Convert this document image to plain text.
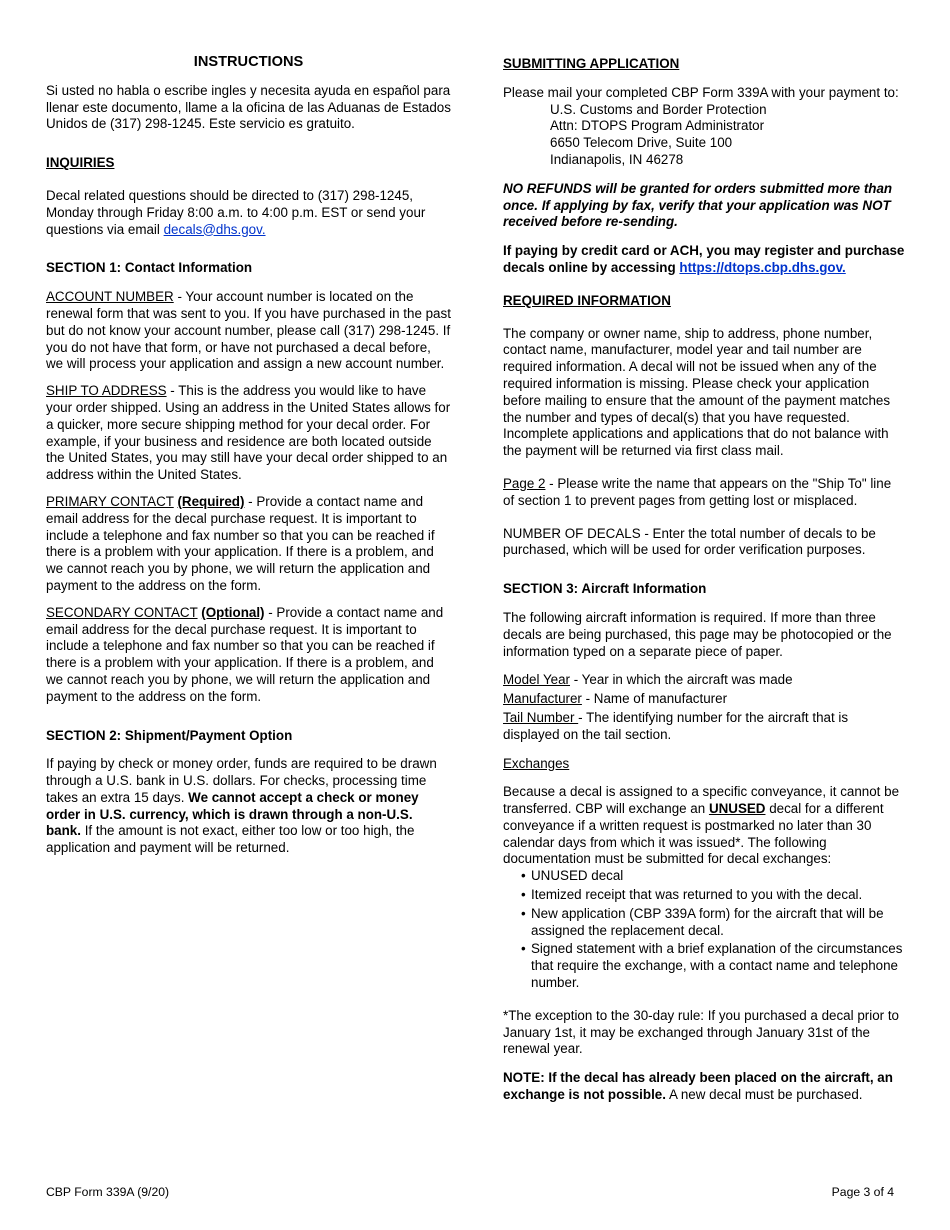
INSTRUCTIONS

Si usted no habla o escribe ingles y necesita ayuda en español para llenar este documento, llame a la oficina de las Aduanas de Estados Unidos de (317) 298-1245. Este servicio es gratuito.

INQUIRIES

Decal related questions should be directed to (317) 298-1245, Monday through Friday 8:00 a.m. to 4:00 p.m. EST or send your questions via email decals@dhs.gov.

SECTION 1: Contact Information

ACCOUNT NUMBER - Your account number is located on the renewal form that was sent to you. If you have purchased in the past but do not know your account number, please call (317) 298-1245. If you do not have that form, or have not purchased a decal before, we will process your application and assign a new account number.

SHIP TO ADDRESS - This is the address you would like to have your order shipped. Using an address in the United States allows for a quicker, more secure shipping method for your decal order. For example, if your business and residence are both located outside the United States, you may still have your decal order shipped to an address within the United States.

PRIMARY CONTACT (Required) - Provide a contact name and email address for the decal purchase request. It is important to include a telephone and fax number so that you can be reached if there is a problem with your application. If there is a problem, and we cannot reach you by phone, we will return the application and payment to the address on the form.

SECONDARY CONTACT (Optional) - Provide a contact name and email address for the decal purchase request. It is important to include a telephone and fax number so that you can be reached if there is a problem with your application. If there is a problem, and we cannot reach you by phone, we will return the application and payment to the address on the form.

SECTION 2: Shipment/Payment Option

If paying by check or money order, funds are required to be drawn through a U.S. bank in U.S. dollars. For checks, processing time takes an extra 15 days. We cannot accept a check or money order in U.S. currency, which is drawn through a non-U.S. bank. If the amount is not exact, either too low or too high, the application and payment will be returned.

SUBMITTING APPLICATION

Please mail your completed CBP Form 339A with your payment to:

U.S. Customs and Border Protection

Attn: DTOPS Program Administrator

6650 Telecom Drive, Suite 100

Indianapolis, IN 46278

NO REFUNDS will be granted for orders submitted more than once. If applying by fax, verify that your application was NOT received before re-sending.

If paying by credit card or ACH, you may register and purchase decals online by accessing https://dtops.cbp.dhs.gov.

REQUIRED INFORMATION

The company or owner name, ship to address, phone number, contact name, manufacturer, model year and tail number are required information. A decal will not be issued when any of the required information is missing. Please check your application before mailing to ensure that the amount of the payment matches the number and types of decal(s) that you have requested. Incomplete applications and applications that do not balance with the payment will be returned via first class mail.

Page 2 - Please write the name that appears on the "Ship To" line of section 1 to prevent pages from getting lost or misplaced.

NUMBER OF DECALS - Enter the total number of decals to be purchased, which will be used for order verification purposes.

SECTION 3: Aircraft Information

The following aircraft information is required. If more than three decals are being purchased, this page may be photocopied or the information typed on a separate piece of paper.

Model Year - Year in which the aircraft was made

Manufacturer - Name of manufacturer

Tail Number - The identifying number for the aircraft that is displayed on the tail section.

Exchanges

Because a decal is assigned to a specific conveyance, it cannot be transferred. CBP will exchange an UNUSED decal for a different conveyance if a written request is postmarked no later than 30 calendar days from which it was issued*. The following documentation must be submitted for decal exchanges:

• UNUSED decal
• Itemized receipt that was returned to you with the decal.
• New application (CBP 339A form) for the aircraft that will be assigned the replacement decal.
• Signed statement with a brief explanation of the circumstances that require the exchange, with a contact name and telephone number.

*The exception to the 30-day rule: If you purchased a decal prior to January 1st, it may be exchanged through January 31st of the renewal year.

NOTE: If the decal has already been placed on the aircraft, an exchange is not possible. A new decal must be purchased.

CBP Form 339A (9/20)	Page 3 of 4
